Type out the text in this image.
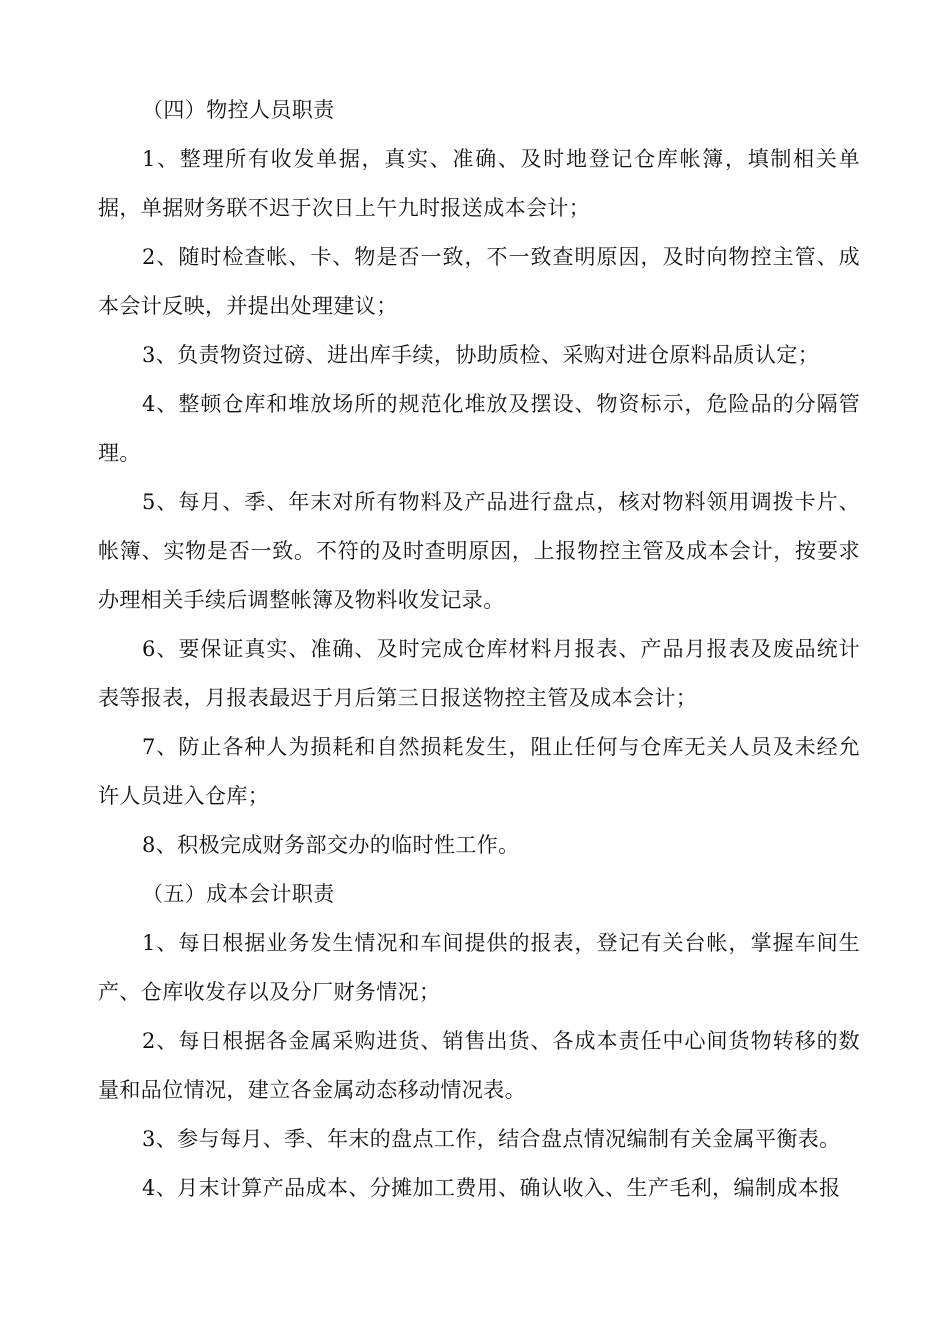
（四）物控人员职责

1、整理所有收发单据，真实、准确、及时地登记仓库帐簿，填制相关单据，单据财务联不迟于次日上午九时报送成本会计；

2、随时检查帐、卡、物是否一致，不一致查明原因，及时向物控主管、成本会计反映，并提出处理建议；

3、负责物资过磅、进出库手续，协助质检、采购对进仓原料品质认定；

4、整顿仓库和堆放场所的规范化堆放及摆设、物资标示，危险品的分隔管理。

5、每月、季、年末对所有物料及产品进行盘点，核对物料领用调拨卡片、帐簿、实物是否一致。不符的及时查明原因，上报物控主管及成本会计，按要求办理相关手续后调整帐簿及物料收发记录。

6、要保证真实、准确、及时完成仓库材料月报表、产品月报表及废品统计表等报表，月报表最迟于月后第三日报送物控主管及成本会计；

7、防止各种人为损耗和自然损耗发生，阻止任何与仓库无关人员及未经允许人员进入仓库；

8、积极完成财务部交办的临时性工作。

（五）成本会计职责

1、每日根据业务发生情况和车间提供的报表，登记有关台帐，掌握车间生产、仓库收发存以及分厂财务情况；

2、每日根据各金属采购进货、销售出货、各成本责任中心间货物转移的数量和品位情况，建立各金属动态移动情况表。

3、参与每月、季、年末的盘点工作，结合盘点情况编制有关金属平衡表。

4、月末计算产品成本、分摊加工费用、确认收入、生产毛利，编制成本报
